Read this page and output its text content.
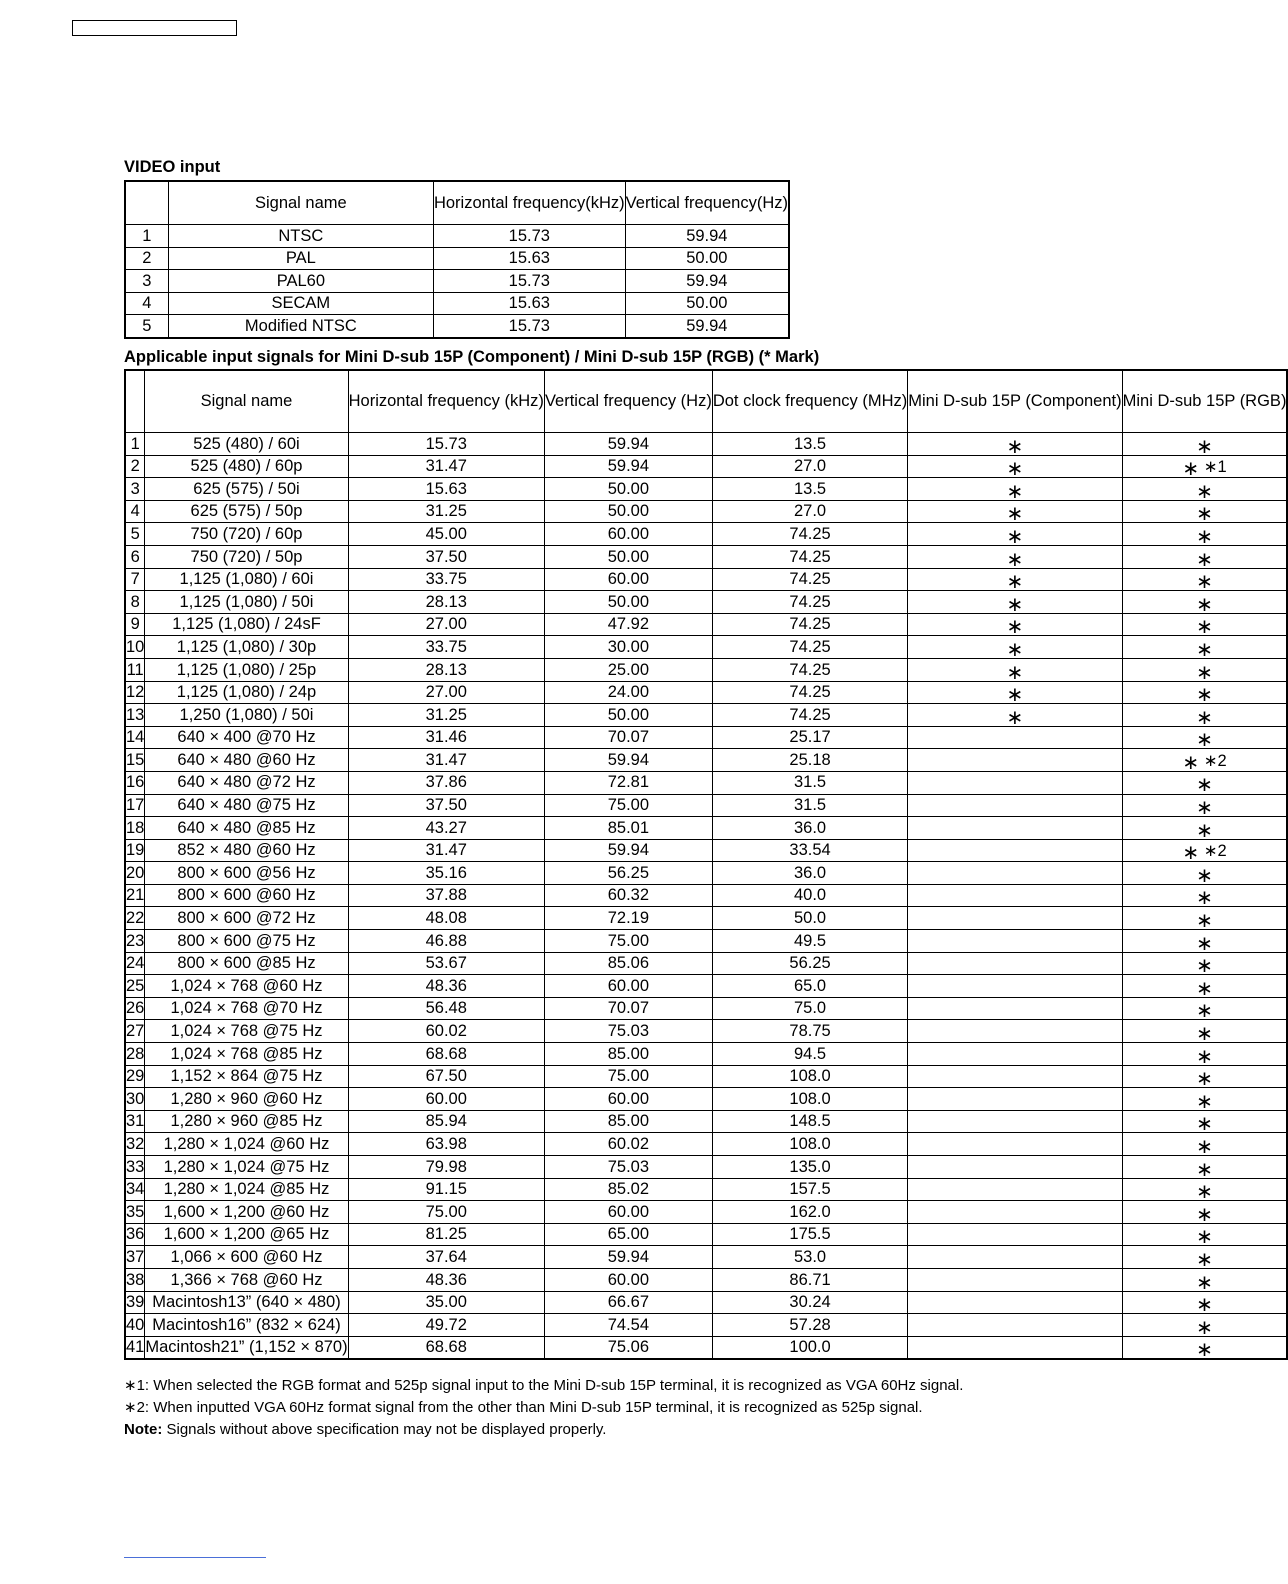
VIDEO input
	Signal name	Horizontal frequency(kHz)	Vertical frequency(Hz)
1	NTSC	15.73	59.94
2	PAL	15.63	50.00
3	PAL60	15.73	59.94
4	SECAM	15.63	50.00
5	Modified NTSC	15.73	59.94
Applicable input signals for Mini D-sub 15P (Component) / Mini D-sub 15P (RGB) (* Mark)
	Signal name	Horizontal frequency (kHz)	Vertical frequency (Hz)	Dot clock frequency (MHz)	Mini D-sub 15P (Component)	Mini D-sub 15P (RGB)
1	525 (480) / 60i	15.73	59.94	13.5	∗	∗
2	525 (480) / 60p	31.47	59.94	27.0	∗	∗ ∗1
3	625 (575) / 50i	15.63	50.00	13.5	∗	∗
4	625 (575) / 50p	31.25	50.00	27.0	∗	∗
5	750 (720) / 60p	45.00	60.00	74.25	∗	∗
6	750 (720) / 50p	37.50	50.00	74.25	∗	∗
7	1,125 (1,080) / 60i	33.75	60.00	74.25	∗	∗
8	1,125 (1,080) / 50i	28.13	50.00	74.25	∗	∗
9	1,125 (1,080) / 24sF	27.00	47.92	74.25	∗	∗
10	1,125 (1,080) / 30p	33.75	30.00	74.25	∗	∗
11	1,125 (1,080) / 25p	28.13	25.00	74.25	∗	∗
12	1,125 (1,080) / 24p	27.00	24.00	74.25	∗	∗
13	1,250 (1,080) / 50i	31.25	50.00	74.25	∗	∗
14	640 × 400 @70 Hz	31.46	70.07	25.17		∗
15	640 × 480 @60 Hz	31.47	59.94	25.18		∗ ∗2
16	640 × 480 @72 Hz	37.86	72.81	31.5		∗
17	640 × 480 @75 Hz	37.50	75.00	31.5		∗
18	640 × 480 @85 Hz	43.27	85.01	36.0		∗
19	852 × 480 @60 Hz	31.47	59.94	33.54		∗ ∗2
20	800 × 600 @56 Hz	35.16	56.25	36.0		∗
21	800 × 600 @60 Hz	37.88	60.32	40.0		∗
22	800 × 600 @72 Hz	48.08	72.19	50.0		∗
23	800 × 600 @75 Hz	46.88	75.00	49.5		∗
24	800 × 600 @85 Hz	53.67	85.06	56.25		∗
25	1,024 × 768 @60 Hz	48.36	60.00	65.0		∗
26	1,024 × 768 @70 Hz	56.48	70.07	75.0		∗
27	1,024 × 768 @75 Hz	60.02	75.03	78.75		∗
28	1,024 × 768 @85 Hz	68.68	85.00	94.5		∗
29	1,152 × 864 @75 Hz	67.50	75.00	108.0		∗
30	1,280 × 960 @60 Hz	60.00	60.00	108.0		∗
31	1,280 × 960 @85 Hz	85.94	85.00	148.5		∗
32	1,280 × 1,024 @60 Hz	63.98	60.02	108.0		∗
33	1,280 × 1,024 @75 Hz	79.98	75.03	135.0		∗
34	1,280 × 1,024 @85 Hz	91.15	85.02	157.5		∗
35	1,600 × 1,200 @60 Hz	75.00	60.00	162.0		∗
36	1,600 × 1,200 @65 Hz	81.25	65.00	175.5		∗
37	1,066 × 600 @60 Hz	37.64	59.94	53.0		∗
38	1,366 × 768 @60 Hz	48.36	60.00	86.71		∗
39	Macintosh13” (640 × 480)	35.00	66.67	30.24		∗
40	Macintosh16” (832 × 624)	49.72	74.54	57.28		∗
41	Macintosh21” (1,152 × 870)	68.68	75.06	100.0		∗

∗1: When selected the RGB format and 525p signal input to the Mini D-sub 15P terminal, it is recognized as VGA 60Hz signal.

∗2: When inputted VGA 60Hz format signal from the other than Mini D-sub 15P terminal, it is recognized as 525p signal.

Note: Signals without above specification may not be displayed properly.
